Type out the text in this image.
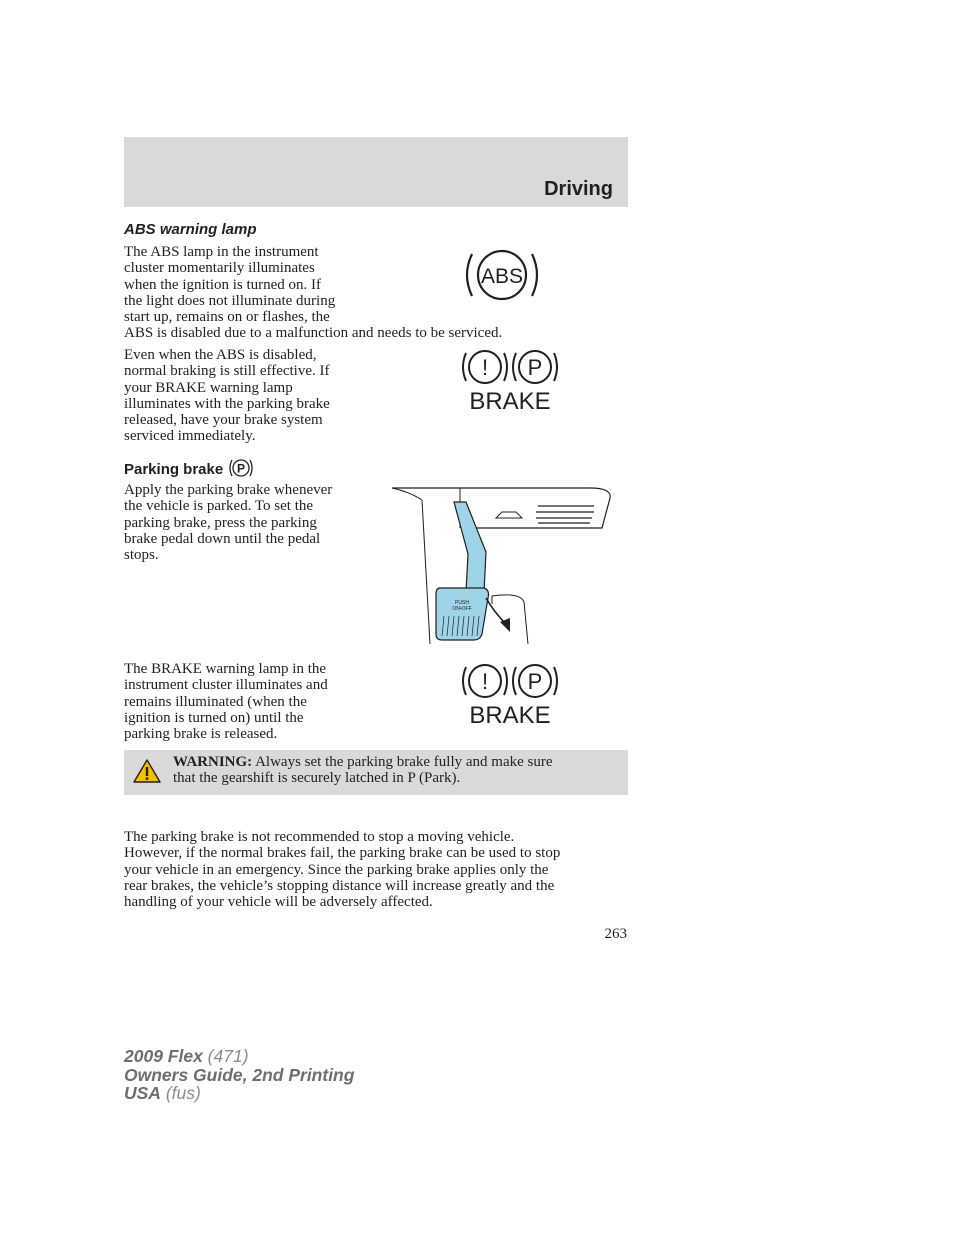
Driving
ABS warning lamp
The ABS lamp in the instrument
cluster momentarily illuminates
when the ignition is turned on. If
the light does not illuminate during
start up, remains on or flashes, the
ABS is disabled due to a malfunction and needs to be serviced.
ABS
Even when the ABS is disabled,
normal braking is still effective. If
your BRAKE warning lamp
illuminates with the parking brake
released, have your brake system
serviced immediately.
! P
BRAKE
Parking brake P
Apply the parking brake whenever
the vehicle is parked. To set the
parking brake, press the parking
brake pedal down until the pedal
stops.
PUSH
ON•OFF
The BRAKE warning lamp in the
instrument cluster illuminates and
remains illuminated (when the
ignition is turned on) until the
parking brake is released.
! P
BRAKE
WARNING: Always set the parking brake fully and make sure
that the gearshift is securely latched in P (Park).
The parking brake is not recommended to stop a moving vehicle.
However, if the normal brakes fail, the parking brake can be used to stop
your vehicle in an emergency. Since the parking brake applies only the
rear brakes, the vehicle’s stopping distance will increase greatly and the
handling of your vehicle will be adversely affected.
263
2009 Flex (471)
Owners Guide, 2nd Printing
USA (fus)
